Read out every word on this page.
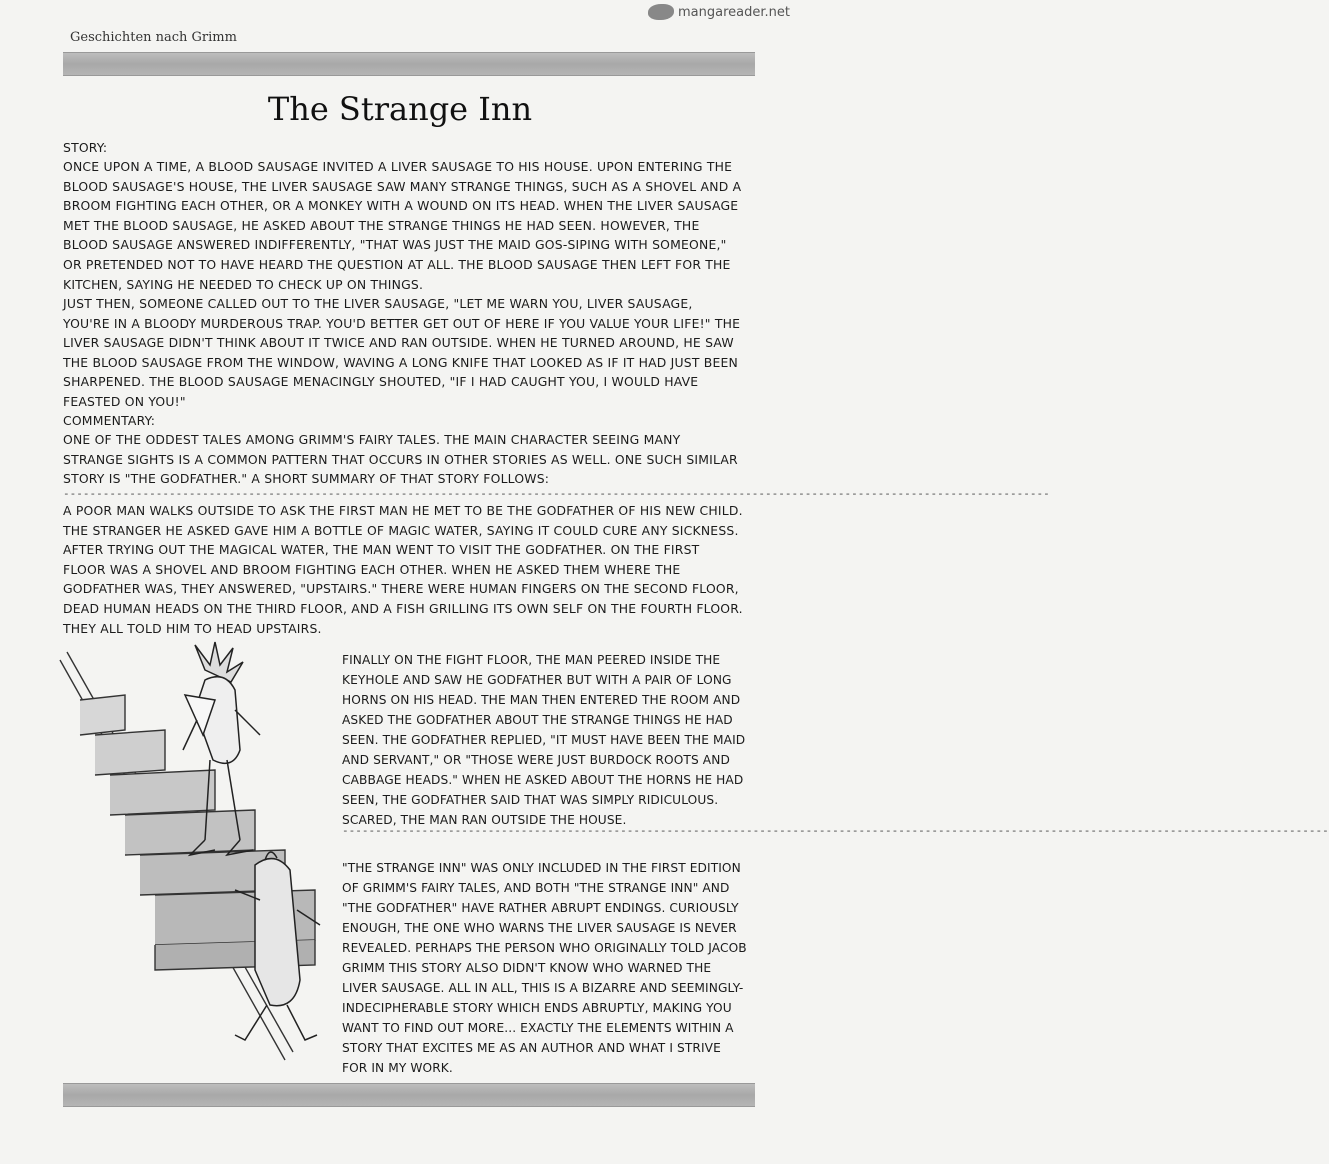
Geschichten nach Grimm
mangareader.net
The Strange Inn
STORY:
ONCE UPON A TIME, A BLOOD SAUSAGE INVITED A LIVER SAUSAGE TO HIS HOUSE. UPON ENTERING THE BLOOD SAUSAGE'S HOUSE, THE LIVER SAUSAGE SAW MANY STRANGE THINGS, SUCH AS A SHOVEL AND A BROOM FIGHTING EACH OTHER, OR A MONKEY WITH A WOUND ON ITS HEAD. WHEN THE LIVER SAUSAGE MET THE BLOOD SAUSAGE, HE ASKED ABOUT THE STRANGE THINGS HE HAD SEEN. HOWEVER, THE BLOOD SAUSAGE ANSWERED INDIFFERENTLY, "THAT WAS JUST THE MAID GOS-SIPING WITH SOMEONE," OR PRETENDED NOT TO HAVE HEARD THE QUESTION AT ALL. THE BLOOD SAUSAGE THEN LEFT FOR THE KITCHEN, SAYING HE NEEDED TO CHECK UP ON THINGS.
JUST THEN, SOMEONE CALLED OUT TO THE LIVER SAUSAGE, "LET ME WARN YOU, LIVER SAUSAGE, YOU'RE IN A BLOODY MURDEROUS TRAP. YOU'D BETTER GET OUT OF HERE IF YOU VALUE YOUR LIFE!" THE LIVER SAUSAGE DIDN'T THINK ABOUT IT TWICE AND RAN OUTSIDE. WHEN HE TURNED AROUND, HE SAW THE BLOOD SAUSAGE FROM THE WINDOW, WAVING A LONG KNIFE THAT LOOKED AS IF IT HAD JUST BEEN SHARPENED. THE BLOOD SAUSAGE MENACINGLY SHOUTED, "IF I HAD CAUGHT YOU, I WOULD HAVE FEASTED ON YOU!"
COMMENTARY:
ONE OF THE ODDEST TALES AMONG GRIMM'S FAIRY TALES. THE MAIN CHARACTER SEEING MANY STRANGE SIGHTS IS A COMMON PATTERN THAT OCCURS IN OTHER STORIES AS WELL. ONE SUCH SIMILAR STORY IS "THE GODFATHER." A SHORT SUMMARY OF THAT STORY FOLLOWS:
-----------------------------------------------------------------------------------------------------------------------------------------------------
A POOR MAN WALKS OUTSIDE TO ASK THE FIRST MAN HE MET TO BE THE GODFATHER OF HIS NEW CHILD. THE STRANGER HE ASKED GAVE HIM A BOTTLE OF MAGIC WATER, SAYING IT COULD CURE ANY SICKNESS. AFTER TRYING OUT THE MAGICAL WATER, THE MAN WENT TO VISIT THE GODFATHER. ON THE FIRST FLOOR WAS A SHOVEL AND BROOM FIGHTING EACH OTHER. WHEN HE ASKED THEM WHERE THE GODFATHER WAS, THEY ANSWERED, "UPSTAIRS." THERE WERE HUMAN FINGERS ON THE SECOND FLOOR, DEAD HUMAN HEADS ON THE THIRD FLOOR, AND A FISH GRILLING ITS OWN SELF ON THE FOURTH FLOOR. THEY ALL TOLD HIM TO HEAD UPSTAIRS.
FINALLY ON THE FIGHT FLOOR, THE MAN PEERED INSIDE THE KEYHOLE AND SAW HE GODFATHER BUT WITH A PAIR OF LONG HORNS ON HIS HEAD. THE MAN THEN ENTERED THE ROOM AND ASKED THE GODFATHER ABOUT THE STRANGE THINGS HE HAD SEEN. THE GODFATHER REPLIED, "IT MUST HAVE BEEN THE MAID AND SERVANT," OR "THOSE WERE JUST BURDOCK ROOTS AND CABBAGE HEADS." WHEN HE ASKED ABOUT THE HORNS HE HAD SEEN, THE GODFATHER SAID THAT WAS SIMPLY RIDICULOUS. SCARED, THE MAN RAN OUTSIDE THE HOUSE.
-----------------------------------------------------------------------------------------------------------------------------------------------------
"THE STRANGE INN" WAS ONLY INCLUDED IN THE FIRST EDITION OF GRIMM'S FAIRY TALES, AND BOTH "THE STRANGE INN" AND "THE GODFATHER" HAVE RATHER ABRUPT ENDINGS. CURIOUSLY ENOUGH, THE ONE WHO WARNS THE LIVER SAUSAGE IS NEVER REVEALED. PERHAPS THE PERSON WHO ORIGINALLY TOLD JACOB GRIMM THIS STORY ALSO DIDN'T KNOW WHO WARNED THE LIVER SAUSAGE. ALL IN ALL, THIS IS A BIZARRE AND SEEMINGLY-INDECIPHERABLE STORY WHICH ENDS ABRUPTLY, MAKING YOU WANT TO FIND OUT MORE... EXACTLY THE ELEMENTS WITHIN A STORY THAT EXCITES ME AS AN AUTHOR AND WHAT I STRIVE FOR IN MY WORK.
